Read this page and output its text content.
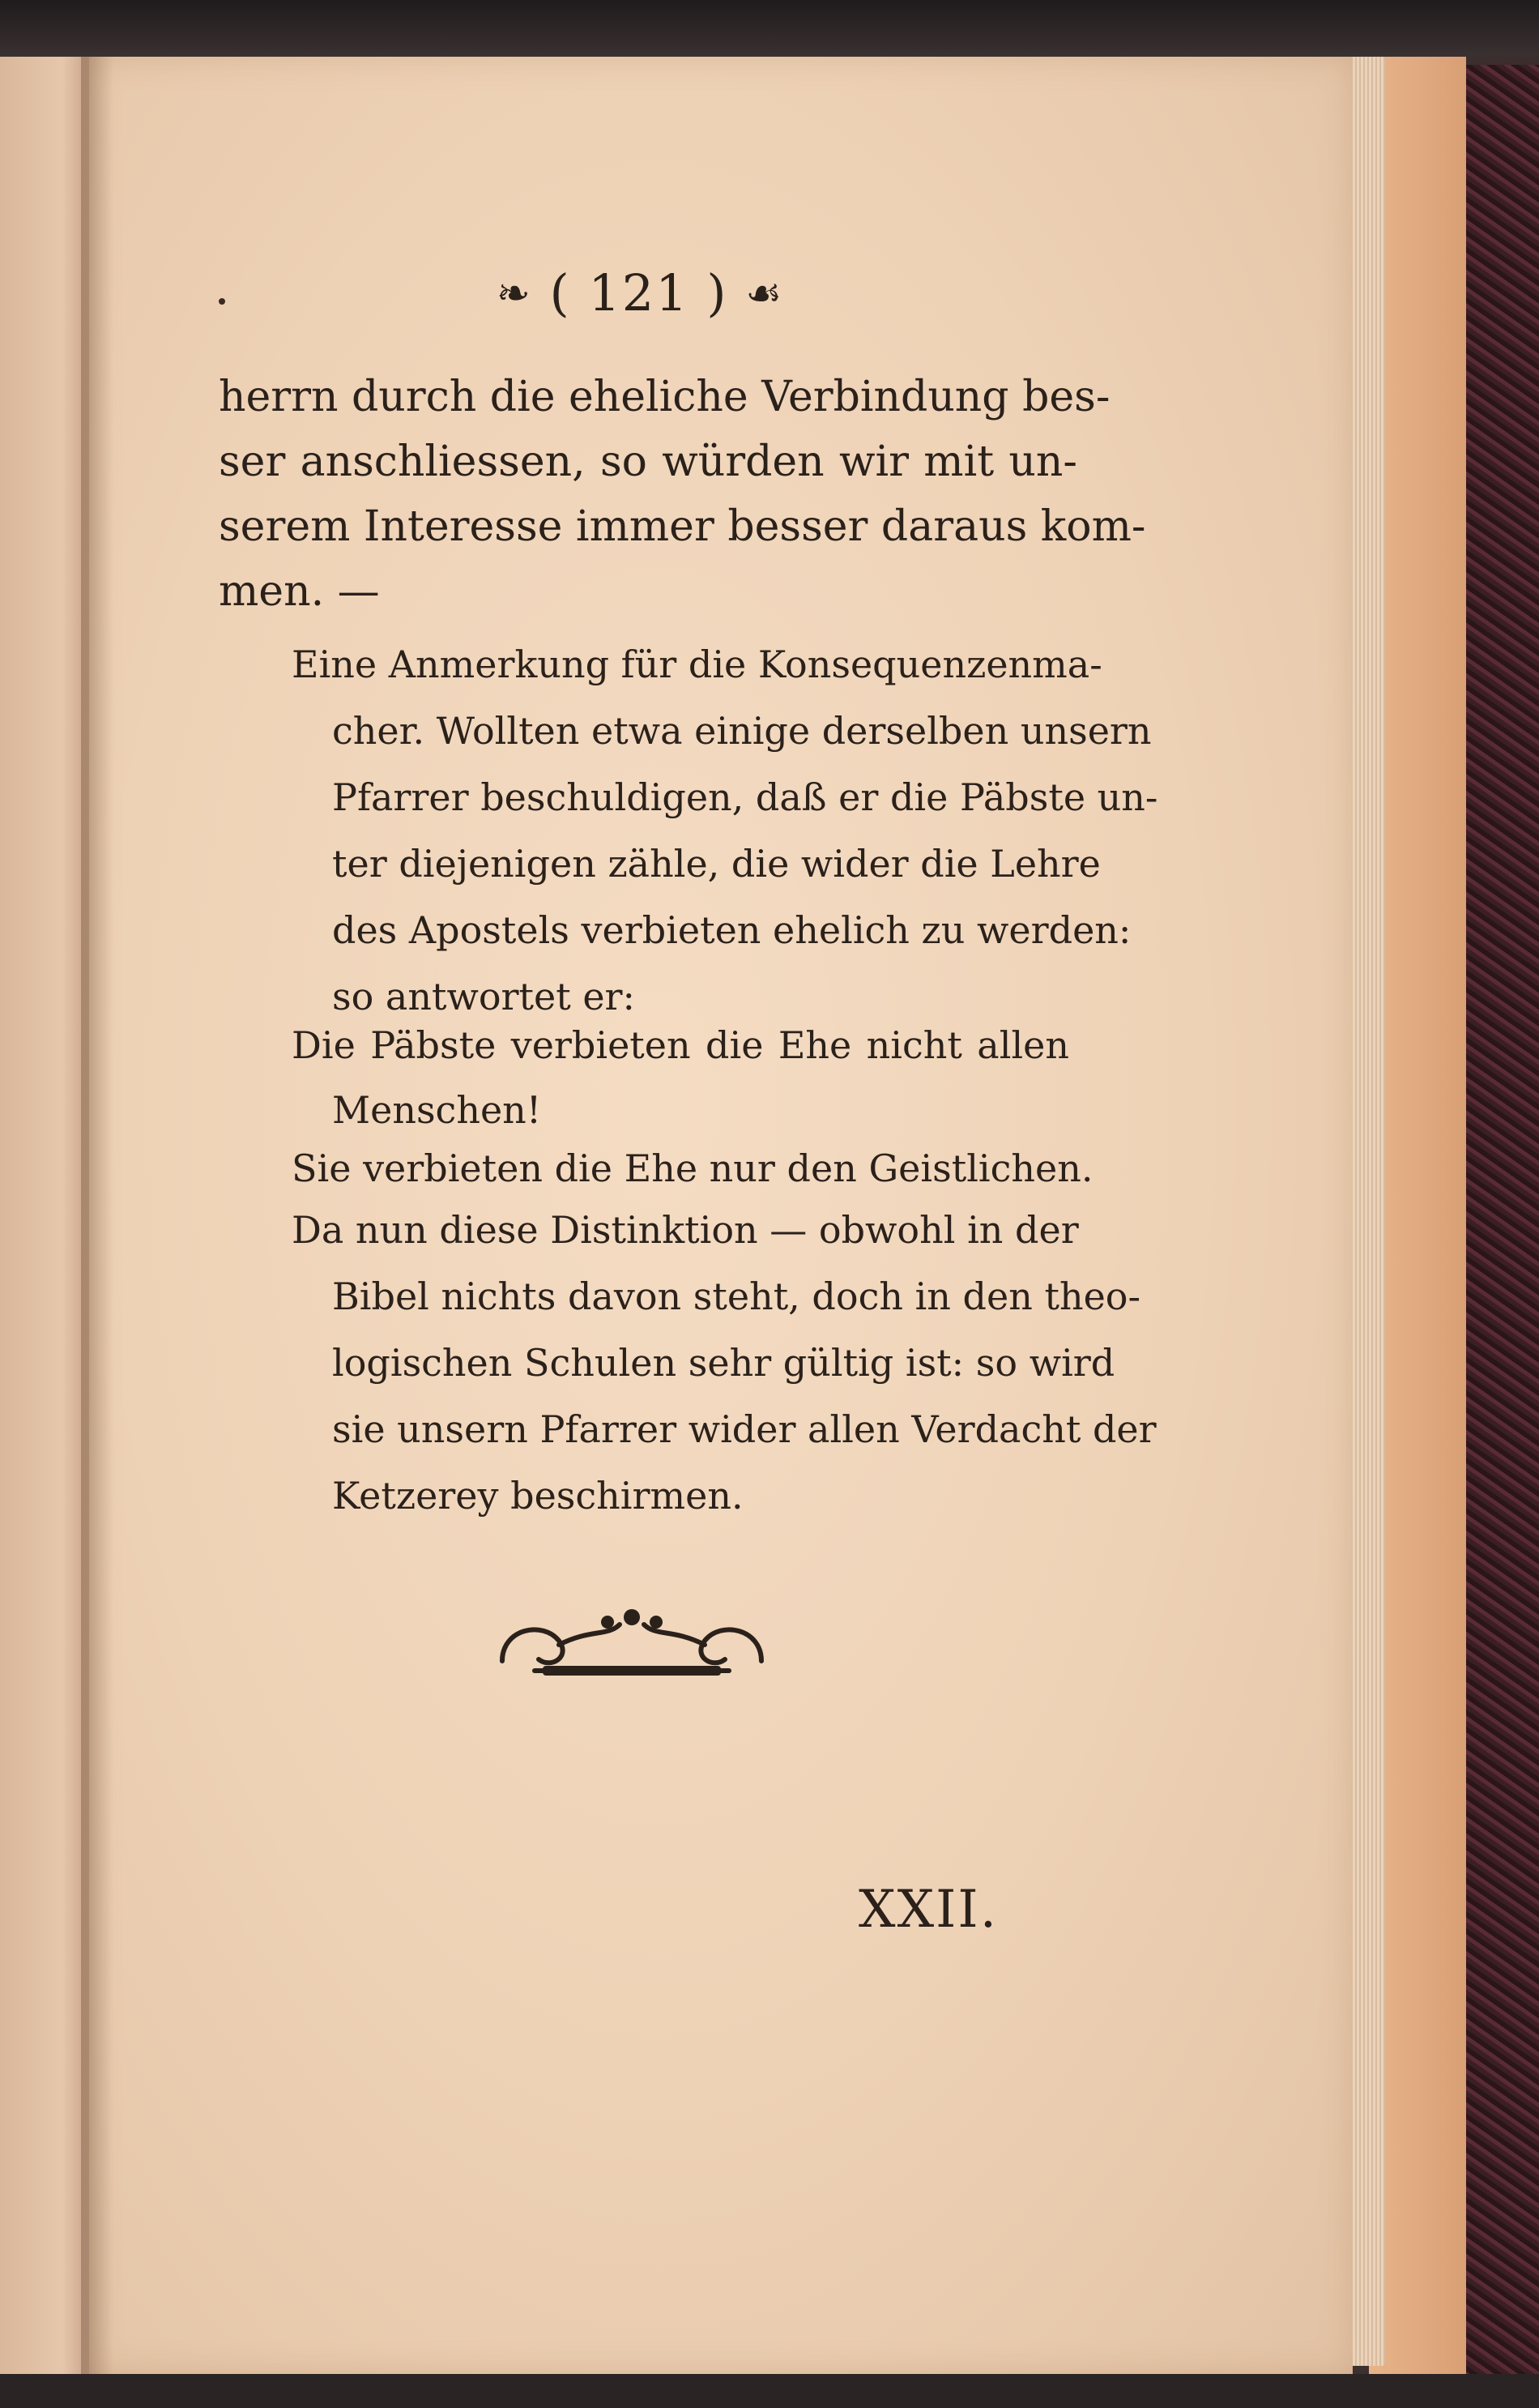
❧ ( 121 ) ☙
herrn durch die eheliche Verbindung bes-
ser anschliessen, so würden wir mit un-
serem Interesse immer besser daraus kom-
men. —
Eine Anmerkung für die Konsequenzenma-
cher. Wollten etwa einige derselben unsern
Pfarrer beschuldigen, daß er die Päbste un-
ter diejenigen zähle, die wider die Lehre
des Apostels verbieten ehelich zu werden:
so antwortet er:
Die Päbste verbieten die Ehe nicht allen
Menschen!
Sie verbieten die Ehe nur den Geistlichen.
Da nun diese Distinktion — obwohl in der
Bibel nichts davon steht, doch in den theo-
logischen Schulen sehr gültig ist: so wird
sie unsern Pfarrer wider allen Verdacht der
Ketzerey beschirmen.
XXII.
